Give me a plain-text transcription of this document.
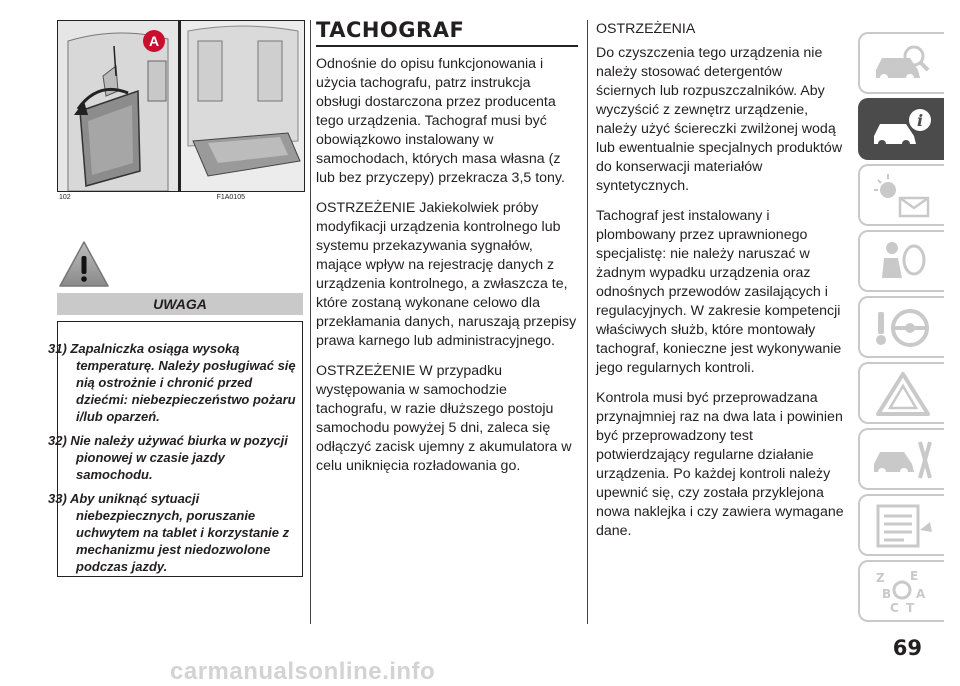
A
102	F1A0105
UWAGA

31) Zapalniczka osiąga wysoką temperaturę. Należy posługiwać się nią ostrożnie i chronić przed dziećmi: niebezpieczeństwo pożaru i/lub oparzeń.

32) Nie należy używać biurka w pozycji pionowej w czasie jazdy samochodu.

33) Aby uniknąć sytuacji niebezpiecznych, poruszanie uchwytem na tablet i korzystanie z mechanizmu jest niedozwolone podczas jazdy.

TACHOGRAF

Odnośnie do opisu funkcjonowania i użycia tachografu, patrz instrukcja obsługi dostarczona przez producenta tego urządzenia. Tachograf musi być obowiązkowo instalowany w samochodach, których masa własna (z lub bez przyczepy) przekracza 3,5 tony.

OSTRZEŻENIE Jakiekolwiek próby modyfikacji urządzenia kontrolnego lub systemu przekazywania sygnałów, mające wpływ na rejestrację danych z urządzenia kontrolnego, a zwłaszcza te, które zostaną wykonane celowo dla przekłamania danych, naruszają przepisy prawa karnego lub administracyjnego.

OSTRZEŻENIE W przypadku występowania w samochodzie tachografu, w razie dłuższego postoju samochodu powyżej 5 dni, zaleca się odłączyć zacisk ujemny z akumulatora w celu uniknięcia rozładowania go.

OSTRZEŻENIA

Do czyszczenia tego urządzenia nie należy stosować detergentów ściernych lub rozpuszczalników. Aby wyczyścić z zewnętrz urządzenie, należy użyć ściereczki zwilżonej wodą lub ewentualnie specjalnych produktów do konserwacji materiałów syntetycznych.

Tachograf jest instalowany i plombowany przez uprawnionego specjalistę: nie należy naruszać w żadnym wypadku urządzenia oraz odnośnych przewodów zasilających i regulacyjnych. W zakresie kompetencji właściwych służb, które montowały tachograf, konieczne jest wykonywanie jego regularnych kontroli.

Kontrola musi być przeprowadzana przynajmniej raz na dwa lata i powinien być przeprowadzony test potwierdzający regularne działanie urządzenia. Po każdej kontroli należy upewnić się, czy została przyklejona nowa naklejka i czy zawiera wymagane dane.

i
Z E
B A
C T
69
carmanualsonline.info
